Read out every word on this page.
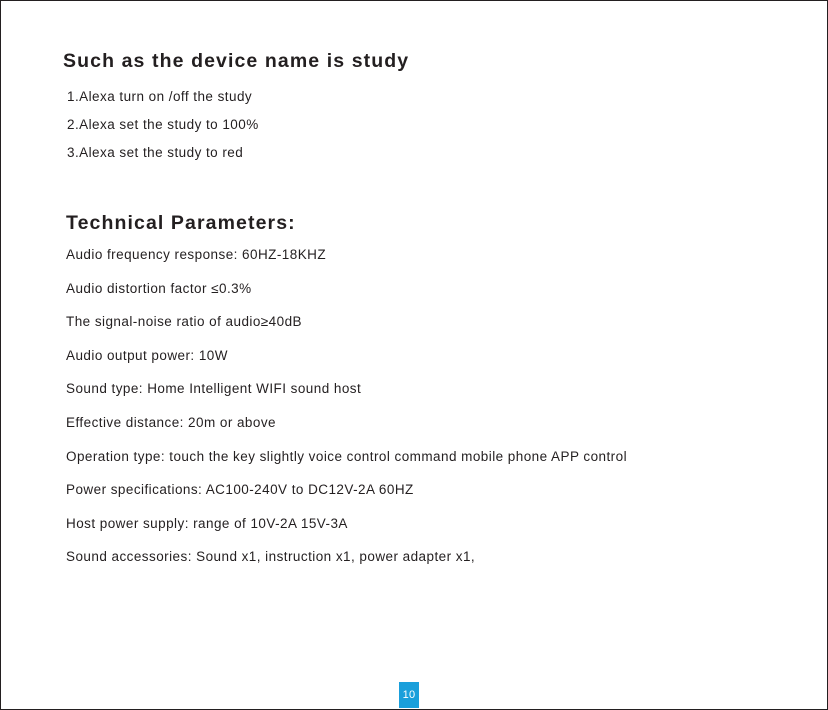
Such as the device name is study
1.Alexa turn on /off the study
2.Alexa set the study to 100%
3.Alexa set the study to red
Technical Parameters:
Audio frequency response: 60HZ-18KHZ
Audio distortion factor ≤0.3%
The signal-noise ratio of audio≥40dB
Audio output power: 10W
Sound type: Home Intelligent WIFI sound host
Effective distance: 20m or above
Operation type: touch the key slightly voice control command mobile phone APP control
Power specifications: AC100-240V to DC12V-2A 60HZ
Host power supply: range of 10V-2A 15V-3A
Sound accessories: Sound x1, instruction x1, power adapter x1,
10
